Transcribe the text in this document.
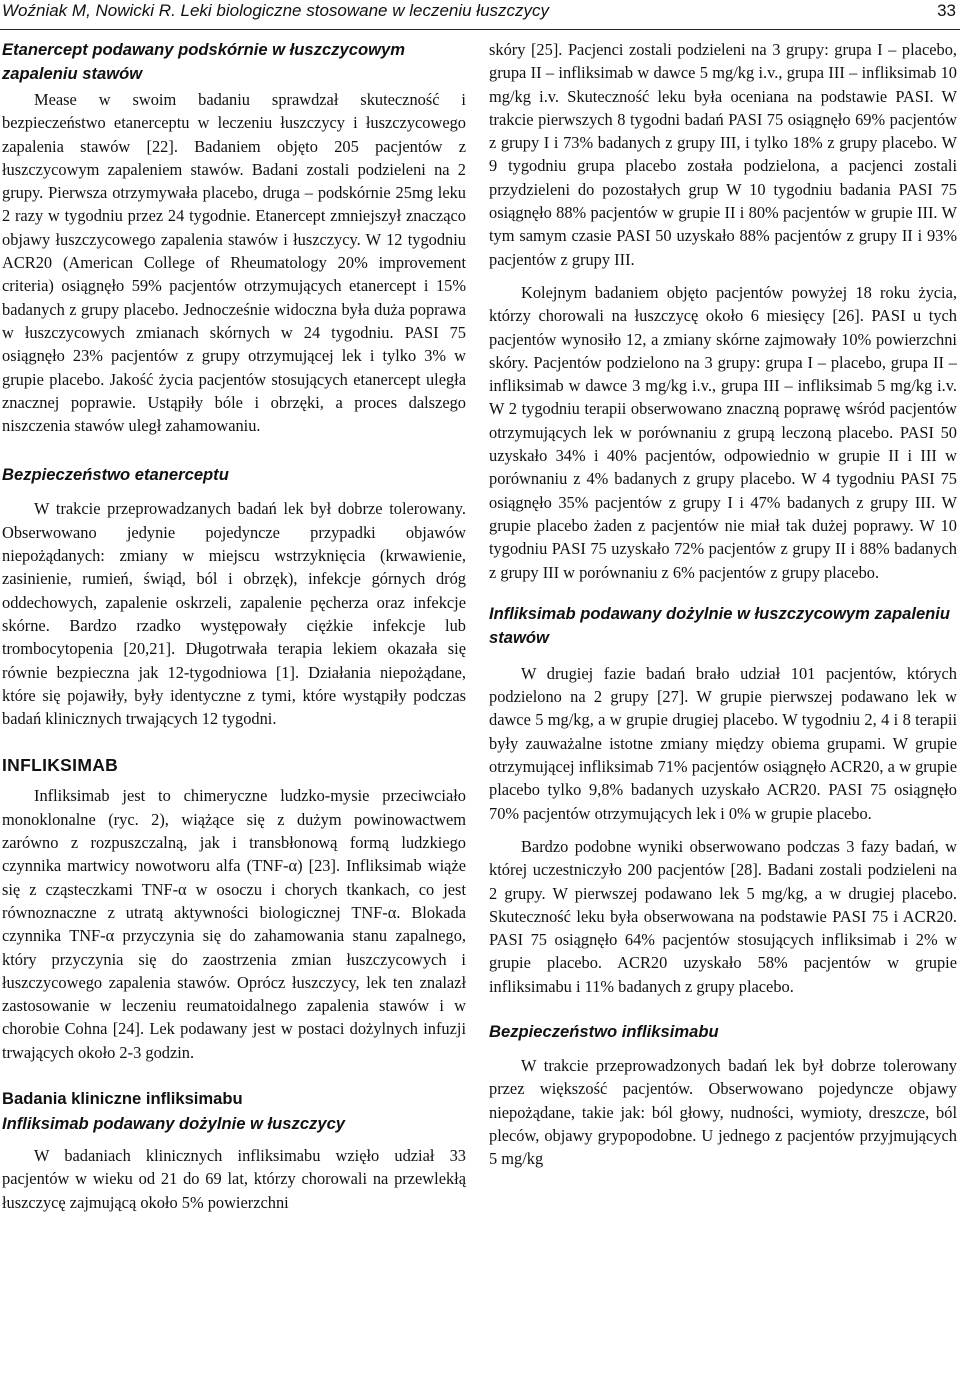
Woźniak M, Nowicki R. Leki biologiczne stosowane w leczeniu łuszczycy	33
Etanercept podawany podskórnie w łuszczycowym zapaleniu stawów

Mease w swoim badaniu sprawdzał skuteczność i bezpieczeństwo etanerceptu w leczeniu łuszczycy i łuszczycowego zapalenia stawów [22]. Badaniem objęto 205 pacjentów z łuszczycowym zapaleniem stawów. Badani zostali podzieleni na 2 grupy. Pierwsza otrzymywała placebo, druga – podskórnie 25mg leku 2 razy w tygodniu przez 24 tygodnie. Etanercept zmniejszył znacząco objawy łuszczycowego zapalenia stawów i łuszczycy. W 12 tygodniu ACR20 (American College of Rheumatology 20% improvement criteria) osiągnęło 59% pacjentów otrzymujących etanercept i 15% badanych z grupy placebo. Jednocześnie widoczna była duża poprawa w łuszczycowych zmianach skórnych w 24 tygodniu. PASI 75 osiągnęło 23% pacjentów z grupy otrzymującej lek i tylko 3% w grupie placebo. Jakość życia pacjentów stosujących etanercept uległa znacznej poprawie. Ustąpiły bóle i obrzęki, a proces dalszego niszczenia stawów uległ zahamowaniu.

Bezpieczeństwo etanerceptu

W trakcie przeprowadzanych badań lek był dobrze tolerowany. Obserwowano jedynie pojedyncze przypadki objawów niepożądanych: zmiany w miejscu wstrzyknięcia (krwawienie, zasinienie, rumień, świąd, ból i obrzęk), infekcje górnych dróg oddechowych, zapalenie oskrzeli, zapalenie pęcherza oraz infekcje skórne. Bardzo rzadko występowały ciężkie infekcje lub trombocytopenia [20,21]. Długotrwała terapia lekiem okazała się równie bezpieczna jak 12-tygodniowa [1]. Działania niepożądane, które się pojawiły, były identyczne z tymi, które wystąpiły podczas badań klinicznych trwających 12 tygodni.

INFLIKSIMAB

Infliksimab jest to chimeryczne ludzko-mysie przeciwciało monoklonalne (ryc. 2), wiążące się z dużym powinowactwem zarówno z rozpuszczalną, jak i transbłonową formą ludzkiego czynnika martwicy nowotworu alfa (TNF-α) [23]. Infliksimab wiąże się z cząsteczkami TNF-α w osoczu i chorych tkankach, co jest równoznaczne z utratą aktywności biologicznej TNF-α. Blokada czynnika TNF-α przyczynia się do zahamowania stanu zapalnego, który przyczynia się do zaostrzenia zmian łuszczycowych i łuszczycowego zapalenia stawów. Oprócz łuszczycy, lek ten znalazł zastosowanie w leczeniu reumatoidalnego zapalenia stawów i w chorobie Cohna [24]. Lek podawany jest w postaci dożylnych infuzji trwających około 2-3 godzin.

Badania kliniczne infliksimabu
Infliksimab podawany dożylnie w łuszczycy

W badaniach klinicznych infliksimabu wzięło udział 33 pacjentów w wieku od 21 do 69 lat, którzy chorowali na przewlekłą łuszczycę zajmującą około 5% powierzchni

skóry [25]. Pacjenci zostali podzieleni na 3 grupy: grupa I – placebo, grupa II – infliksimab w dawce 5 mg/kg i.v., grupa III – infliksimab 10 mg/kg i.v. Skuteczność leku była oceniana na podstawie PASI. W trakcie pierwszych 8 tygodni badań PASI 75 osiągnęło 69% pacjentów z grupy I i 73% badanych z grupy III, i tylko 18% z grupy placebo. W 9 tygodniu grupa placebo została podzielona, a pacjenci zostali przydzieleni do pozostałych grup W 10 tygodniu badania PASI 75 osiągnęło 88% pacjentów w grupie II i 80% pacjentów w grupie III. W tym samym czasie PASI 50 uzyskało 88% pacjentów z grupy II i 93% pacjentów z grupy III.

Kolejnym badaniem objęto pacjentów powyżej 18 roku życia, którzy chorowali na łuszczycę około 6 miesięcy [26]. PASI u tych pacjentów wynosiło 12, a zmiany skórne zajmowały 10% powierzchni skóry. Pacjentów podzielono na 3 grupy: grupa I – placebo, grupa II – infliksimab w dawce 3 mg/kg i.v., grupa III – infliksimab 5 mg/kg i.v. W 2 tygodniu terapii obserwowano znaczną poprawę wśród pacjentów otrzymujących lek w porównaniu z grupą leczoną placebo. PASI 50 uzyskało 34% i 40% pacjentów, odpowiednio w grupie II i III w porównaniu z 4% badanych z grupy placebo. W 4 tygodniu PASI 75 osiągnęło 35% pacjentów z grupy I i 47% badanych z grupy III. W grupie placebo żaden z pacjentów nie miał tak dużej poprawy. W 10 tygodniu PASI 75 uzyskało 72% pacjentów z grupy II i 88% badanych z grupy III w porównaniu z 6% pacjentów z grupy placebo.

Infliksimab podawany dożylnie w łuszczycowym zapaleniu stawów

W drugiej fazie badań brało udział 101 pacjentów, których podzielono na 2 grupy [27]. W grupie pierwszej podawano lek w dawce 5 mg/kg, a w grupie drugiej placebo. W tygodniu 2, 4 i 8 terapii były zauważalne istotne zmiany między obiema grupami. W grupie otrzymującej infliksimab 71% pacjentów osiągnęło ACR20, a w grupie placebo tylko 9,8% badanych uzyskało ACR20. PASI 75 osiągnęło 70% pacjentów otrzymujących lek i 0% w grupie placebo.

Bardzo podobne wyniki obserwowano podczas 3 fazy badań, w której uczestniczyło 200 pacjentów [28]. Badani zostali podzieleni na 2 grupy. W pierwszej podawano lek 5 mg/kg, a w drugiej placebo. Skuteczność leku była obserwowana na podstawie PASI 75 i ACR20. PASI 75 osiągnęło 64% pacjentów stosujących infliksimab i 2% w grupie placebo. ACR20 uzyskało 58% pacjentów w grupie infliksimabu i 11% badanych z grupy placebo.

Bezpieczeństwo infliksimabu

W trakcie przeprowadzonych badań lek był dobrze tolerowany przez większość pacjentów. Obserwowano pojedyncze objawy niepożądane, takie jak: ból głowy, nudności, wymioty, dreszcze, ból pleców, objawy grypopodobne. U jednego z pacjentów przyjmujących 5 mg/kg
